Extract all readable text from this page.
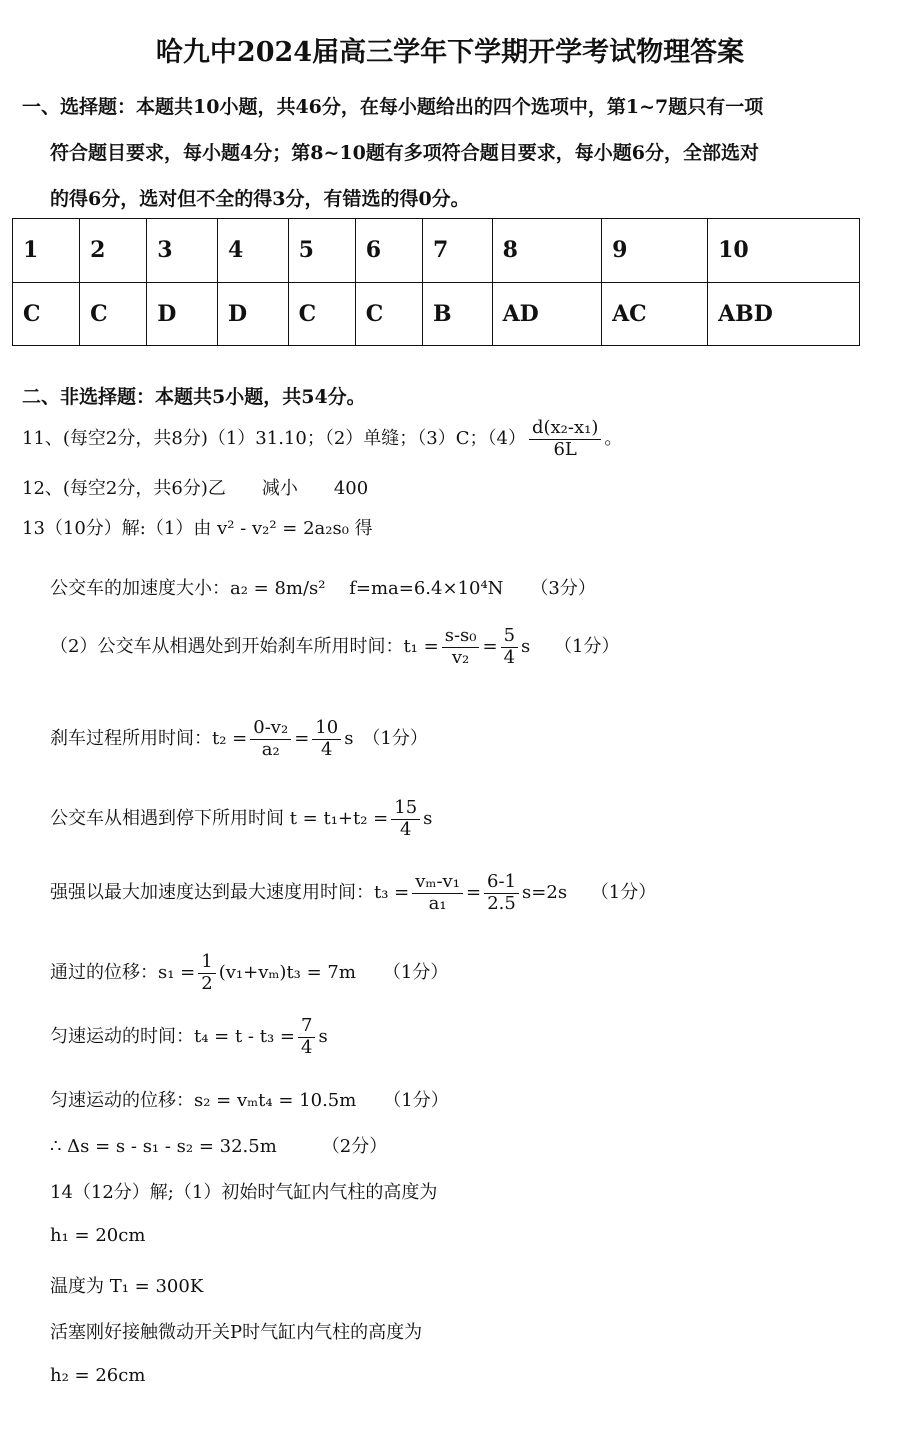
哈九中2024届高三学年下学期开学考试物理答案
一、选择题：本题共10小题，共46分，在每小题给出的四个选项中，第1~7题只有一项
符合题目要求，每小题4分；第8~10题有多项符合题目要求，每小题6分，全部选对
的得6分，选对但不全的得3分，有错选的得0分。
1	2	3	4	5	6	7	8	9	10
C	C	D	D	C	C	B	AD	AC	ABD
二、非选择题：本题共5小题，共54分。
11、(每空2分，共8分)（1）31.10；（2）单缝；（3）C；$(4) \frac{\text{d(x₂-x₁)}}{6L}$ 。
12、(每空2分，共6分)乙　　减小　　400
13（10分）解:（1）由 v² - v₂² = 2a₂s₀ 得
公交车的加速度大小：a₂ = 8m/s²　 f=ma=6.4×10⁴N　　（3分）
（2）公交车从相遇处到开始刹车所用时间：$t_1 = \frac{\text{s-s₀}}{\text{v₂}} = \frac{5}{4}$ s　 （1分）
刹车过程所用时间：$t_2 = \frac{\text{0-v₂}}{\text{a₂}} = \frac{10}{4}$ s　（1分）
公交车从相遇到停下所用时间 $t = t_1+t_2 = \frac{15}{4}$ s
强强以最大加速度达到最大速度用时间：$t_3 = \frac{\text{vₘ-v₁}}{\text{a₁}} = \frac{6-1}{2.5} s=2s$　 （1分）
通过的位移：$s_1 = \frac{1}{2} (v_1+v_m)t_3 = 7m$　　（1分）
匀速运动的时间：$t_4 = t - t_3 = \frac{7}{4}$ s
匀速运动的位移：s₂ = vₘt₄ = 10.5m　　（1分）
∴ Δs = s - s₁ - s₂ = 32.5m　　　（2分）
14（12分）解;（1）初始时气缸内气柱的高度为
h₁ = 20cm
温度为 T₁ = 300K
活塞刚好接触微动开关P时气缸内气柱的高度为
h₂ = 26cm
